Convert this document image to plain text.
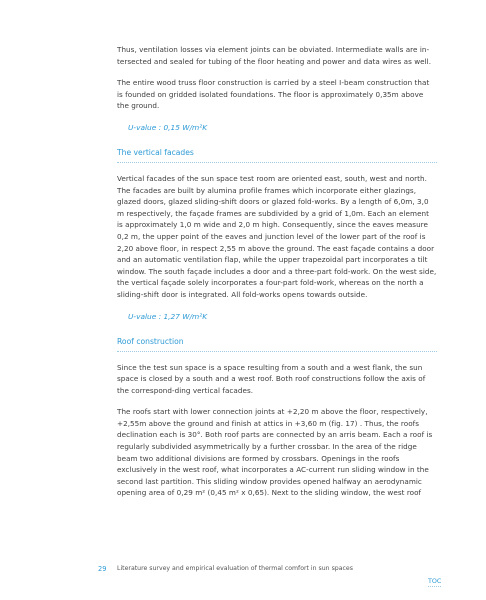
Thus, ventilation losses via element joints can be obviated. Intermediate walls are in-tersected and sealed for tubing of the floor heating and power and data wires as well.

The entire wood truss floor construction is carried by a steel I-beam construction that is founded on gridded isolated foundations. The floor is approximately 0,35m above the ground.

U-value : 0,15 W/m²K
The vertical facades

Vertical facades of the sun space test room are oriented east, south, west and north. The facades are built by alumina profile frames which incorporate either glazings, glazed doors, glazed sliding-shift doors or glazed fold-works. By a length of 6,0m, 3,0 m respectively, the façade frames are subdivided by a grid of 1,0m. Each an element is approximately 1,0 m wide and 2,0 m high. Consequently, since the eaves measure 0,2 m, the upper point of the eaves and junction level of the lower part of the roof is 2,20 above floor, in respect 2,55 m above the ground. The east façade contains a door and an automatic ventilation flap, while the upper trapezoidal part incorporates a tilt window. The south façade includes a door and a three-part fold-work. On the west side, the vertical façade solely incorporates a four-part fold-work, whereas on the north a sliding-shift door is integrated. All fold-works opens towards outside.

U-value : 1,27 W/m²K
Roof construction

Since the test sun space is a space resulting from a south and a west flank, the sun space is closed by a south and a west roof. Both roof constructions follow the axis of the correspond-ding vertical facades.

The roofs start with lower connection joints at +2,20 m above the floor, respectively, +2,55m above the ground and finish at attics in +3,60 m (fig. 17) . Thus, the roofs declination each is 30°. Both roof parts are connected by an arris beam. Each a roof is regularly subdivided asymmetrically by a further crossbar. In the area of the ridge beam two additional divisions are formed by crossbars. Openings in the roofs exclusively in the west roof, what incorporates a AC-current run sliding window in the second last partition. This sliding window provides opened halfway an aerodynamic opening area of 0,29 m² (0,45 m² x 0,65). Next to the sliding window, the west roof

29 Literature survey and empirical evaluation of thermal comfort in sun spaces
TOC
